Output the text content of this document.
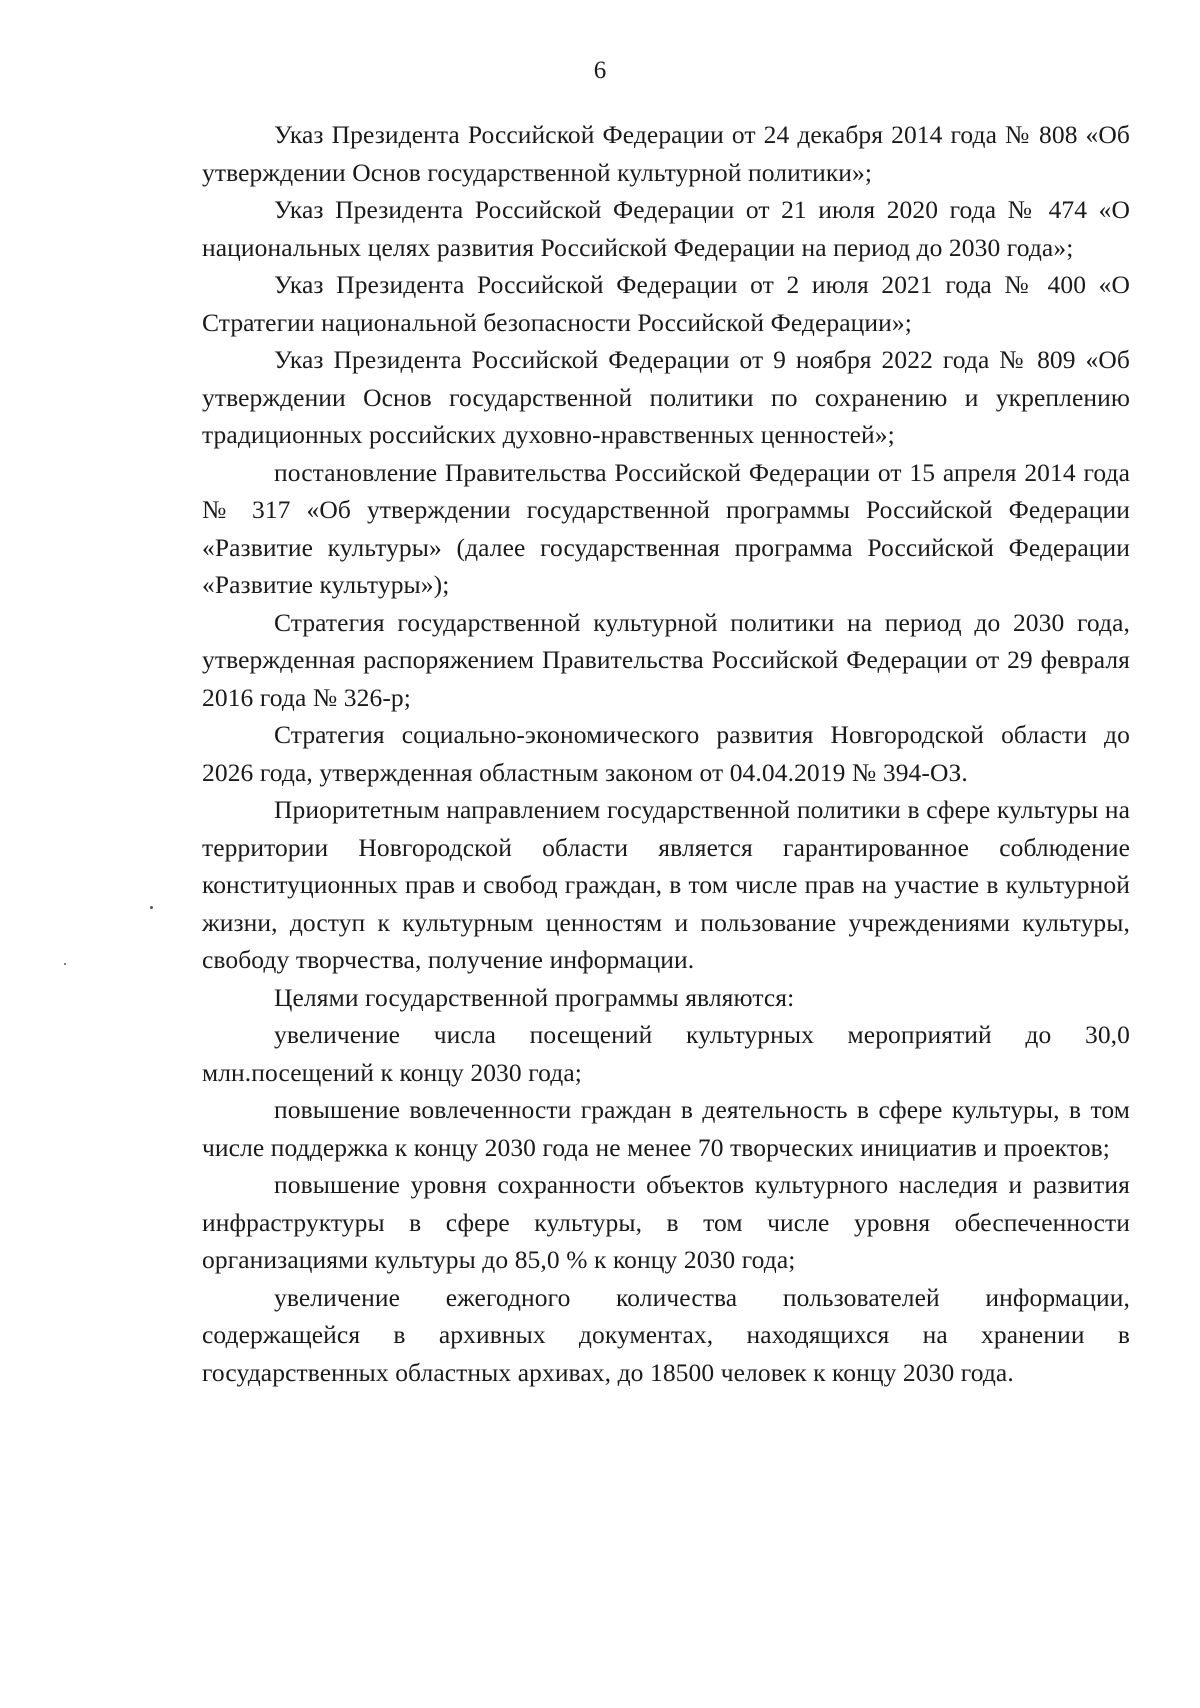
6

Указ Президента Российской Федерации от 24 декабря 2014 года № 808 «Об утверждении Основ государственной культурной политики»;

Указ Президента Российской Федерации от 21 июля 2020 года № 474 «О национальных целях развития Российской Федерации на период до 2030 года»;

Указ Президента Российской Федерации от 2 июля 2021 года № 400 «О Стратегии национальной безопасности Российской Федерации»;

Указ Президента Российской Федерации от 9 ноября 2022 года № 809 «Об утверждении Основ государственной политики по сохранению и укреплению традиционных российских духовно-нравственных ценностей»;

постановление Правительства Российской Федерации от 15 апреля 2014 года № 317 «Об утверждении государственной программы Российской Федерации «Развитие культуры» (далее государственная программа Российской Федерации «Развитие культуры»);

Стратегия государственной культурной политики на период до 2030 года, утвержденная распоряжением Правительства Российской Федерации от 29 февраля 2016 года № 326-р;

Стратегия социально-экономического развития Новгородской области до 2026 года, утвержденная областным законом от 04.04.2019 № 394-ОЗ.

Приоритетным направлением государственной политики в сфере культуры на территории Новгородской области является гарантированное соблюдение конституционных прав и свобод граждан, в том числе прав на участие в культурной жизни, доступ к культурным ценностям и пользование учреждениями культуры, свободу творчества, получение информации.

Целями государственной программы являются:

увеличение числа посещений культурных мероприятий до 30,0 млн.посещений к концу 2030 года;

повышение вовлеченности граждан в деятельность в сфере культуры, в том числе поддержка к концу 2030 года не менее 70 творческих инициатив и проектов;

повышение уровня сохранности объектов культурного наследия и развития инфраструктуры в сфере культуры, в том числе уровня обеспеченности организациями культуры до 85,0 % к концу 2030 года;

увеличение ежегодного количества пользователей информации, содержащейся в архивных документах, находящихся на хранении в государственных областных архивах, до 18500 человек к концу 2030 года.
